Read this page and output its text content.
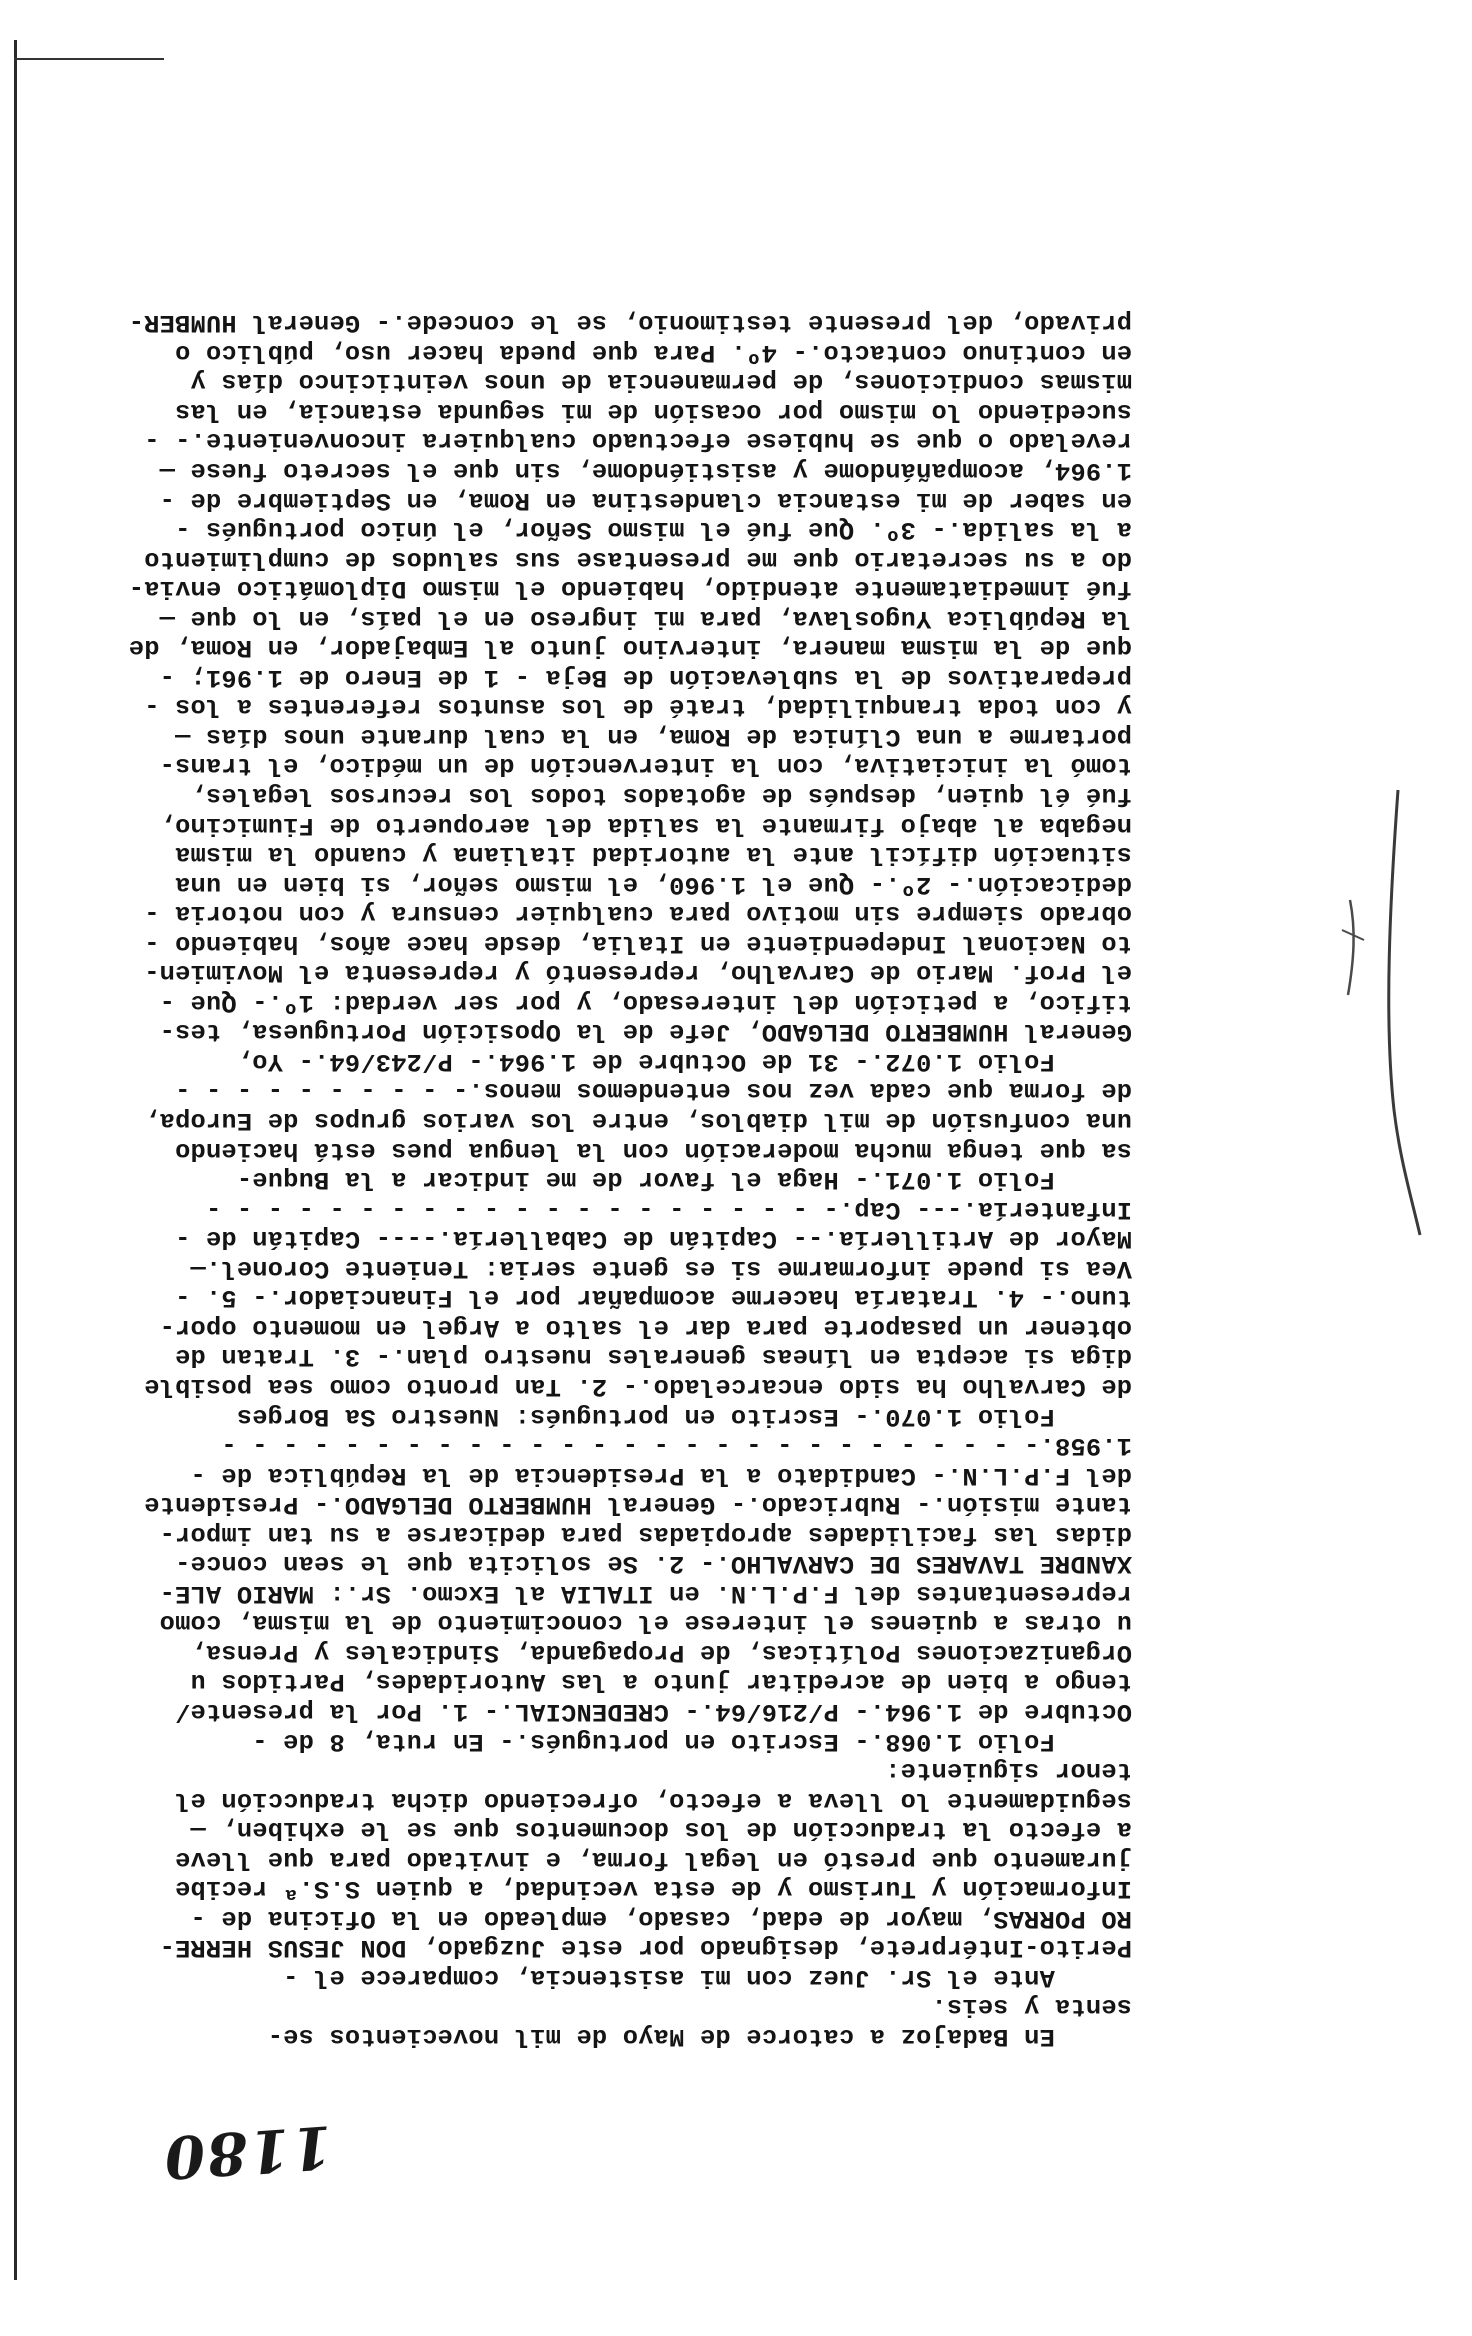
En Badajoz a catorce de Mayo de mil novecientos se-
senta y seis.
Ante el Sr. Juez con mi asistencia, comparece el -
Perito-Intérprete, designado por este Juzgado, DON JESUS HERRE-
RO PORRAS, mayor de edad, casado, empleado en la Oficina de -
Información y Turismo y de esta vecindad, a quien S.S.ª recibe
juramento que prestó en legal forma, e invitado para que lleve
a efecto la traducción de los documentos que se le exhiben, —
seguidamente lo lleva a efecto, ofreciendo dicha traducción el
tenor siguiente:
Folio 1.068.- Escrito en portugués.- En ruta, 8 de -
Octubre de 1.964.- P/216/64.- CREDENCIAL.- 1. Por la presente/
tengo a bien de acreditar junto a las Autoridades, Partidos u
Organizaciones Políticas, de Propaganda, Sindicales y Prensa,
u otras a quienes el interese el conocimiento de la misma, como
representantes del F.P.L.N. en ITALIA al Excmo. Sr.: MARIO ALE-
XANDRE TAVARES DE CARVALHO.- 2. Se solicita que le sean conce-
didas las facilidades apropiadas para dedicarse a su tan impor-
tante misión.- Rubricado.- General HUMBERTO DELGADO.- Presidente
del F.P.L.N.- Candidato a la Presidencia de la República de -
1.958.- - - - - - - - - - - - - - - - - - - - - - - - - - -
Folio 1.070.- Escrito en portugués: Nuestro Sa Borges
de Carvalho ha sido encarcelado.- 2. Tan pronto como sea posible
diga si acepta en líneas generales nuestro plan.- 3. Tratan de
obtener un pasaporte para dar el salto a Argel en momento opor-
tuno.- 4. Trataría hacerme acompañar por el Financiador.- 5. -
Vea si puede informarme si es gente seria: Teniente Coronel.—
Mayor de Artillería.-- Capitán de Caballería.---- Capitán de -
Infantería.--- Cap.- - - - - - - - - - - - - - - - - - - - -
Folio 1.071.- Haga el favor de me indicar a la Buque-
sa que tenga mucha moderación con la lengua pues está haciendo
una confusión de mil diablos, entre los varios grupos de Europa,
de forma que cada vez nos entendemos menos.- - - - - - - - - -
Folio 1.072.- 31 de Octubre de 1.964.- P/243/64.- Yo,
General HUMBERTO DELGADO, Jefe de la Oposición Portuguesa, tes-
tifico, a petición del interesado, y por ser verdad: 1º.- Que -
el Prof. Mario de Carvalho, representó y representa el Movimien-
to Nacional Independiente en Italia, desde hace años, habiendo -
obrado siempre sin motivo para cualquier censura y con notoria -
dedicación.- 2º.- Que el 1.960, el mismo señor, si bien en una
situación difícil ante la autoridad italiana y cuando la misma
negaba al abajo firmante la salida del aeropuerto de Fiumicino,
fué él quien, después de agotados todos los recursos legales,
tomó la iniciativa, con la intervención de un médico, el trans-
portarme a una Clínica de Roma, en la cual durante unos días —
y con toda tranquilidad, traté de los asuntos referentes a los -
preparativos de la sublevación de Beja - 1 de Enero de 1.961; -
que de la misma manera, intervino junto al Embajador, en Roma, de
la República Yugoslava, para mi ingreso en el país, en lo que —
fué inmediatamente atendido, habiendo el mismo Diplomático envia-
do a su secretario que me presentase sus saludos de cumplimiento
a la salida.- 3º. Que fué el mismo Señor, el único portugués -
en saber de mi estancia clandestina en Roma, en Septiembre de -
1.964, acompañándome y asistiéndome, sin que el secreto fuese —
revelado o que se hubiese efectuado cualquiera inconveniente.- -
sucediendo lo mismo por ocasión de mi segunda estancia, en las
mismas condiciones, de permanencia de unos veinticinco días y
en continuo contacto.- 4º. Para que pueda hacer uso, público o
privado, del presente testimonio, se le concede.- General HUMBER-
1180
